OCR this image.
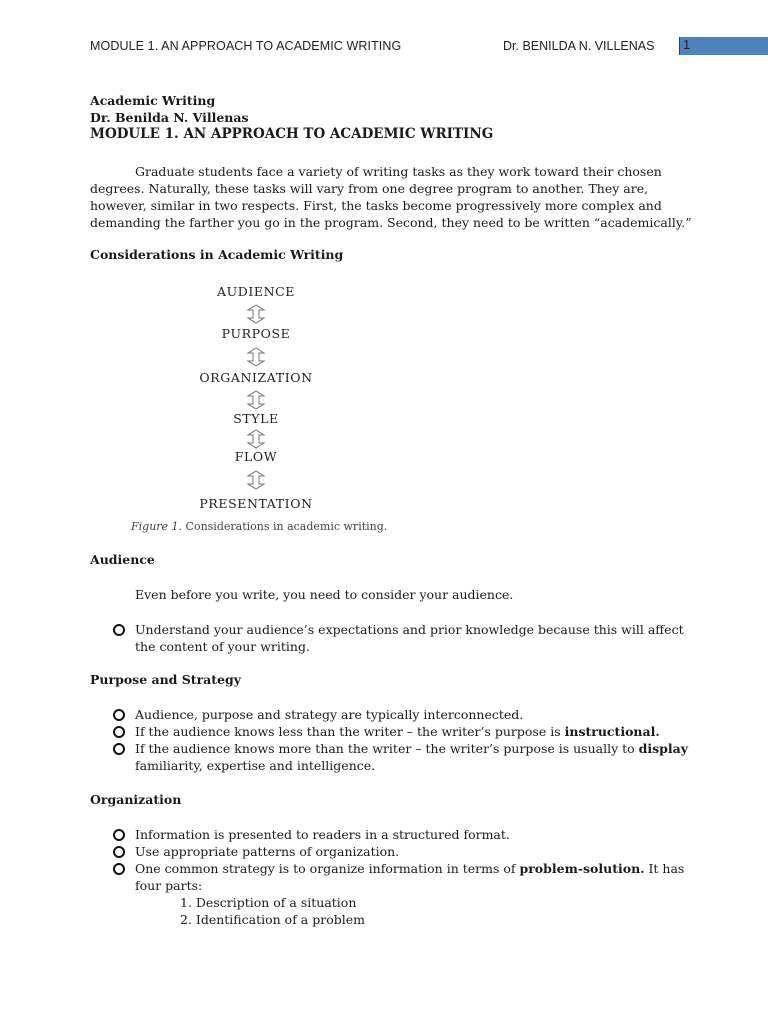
MODULE 1. AN APPROACH TO ACADEMIC WRITING	Dr. BENILDA N. VILLENAS 1
Academic Writing
Dr. Benilda N. Villenas
MODULE 1. AN APPROACH TO ACADEMIC WRITING
Graduate students face a variety of writing tasks as they work toward their chosen
degrees. Naturally, these tasks will vary from one degree program to another. They are,
however, similar in two respects. First, the tasks become progressively more complex and
demanding the farther you go in the program. Second, they need to be written “academically.”
Considerations in Academic Writing
AUDIENCE
PURPOSE
ORGANIZATION
STYLE
FLOW
PRESENTATION
Figure 1. Considerations in academic writing.
Audience
Even before you write, you need to consider your audience.
Understand your audience’s expectations and prior knowledge because this will affect
the content of your writing.
Purpose and Strategy
Audience, purpose and strategy are typically interconnected.
If the audience knows less than the writer – the writer’s purpose is instructional.
If the audience knows more than the writer – the writer’s purpose is usually to display
familiarity, expertise and intelligence.
Organization
Information is presented to readers in a structured format.
Use appropriate patterns of organization.
One common strategy is to organize information in terms of problem-solution. It has
four parts:
1. Description of a situation
2. Identification of a problem
